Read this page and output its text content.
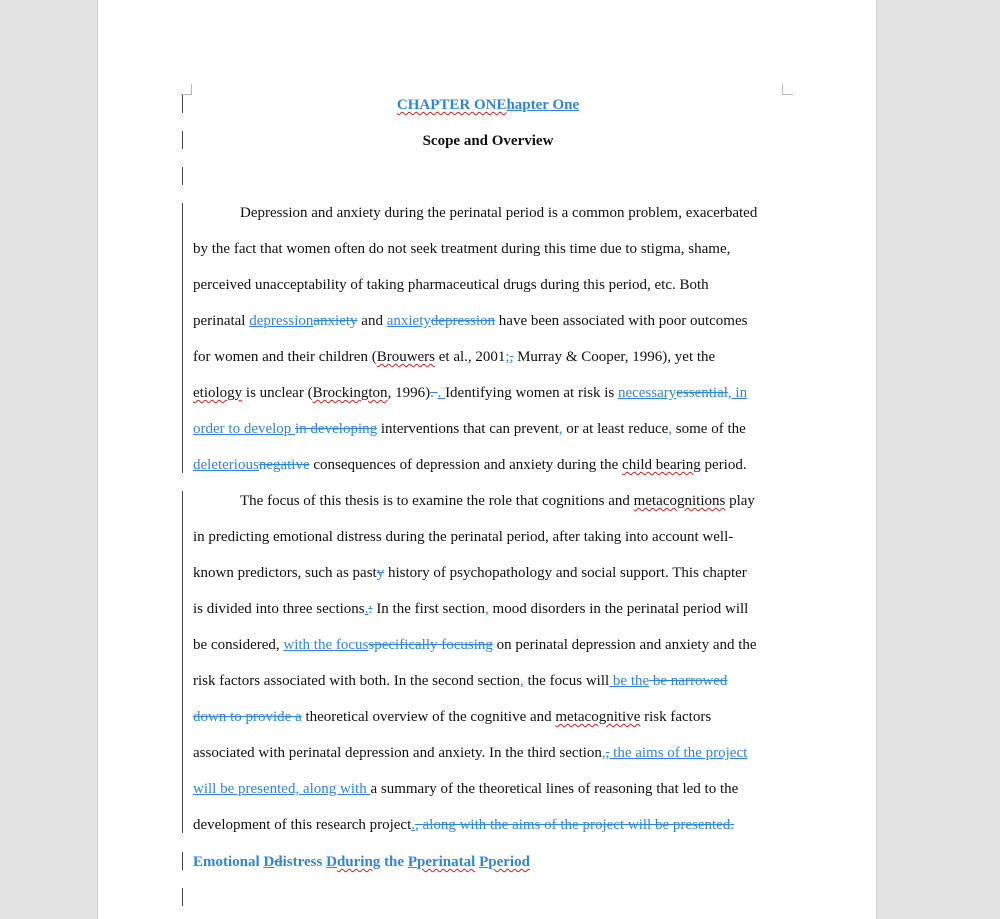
CHAPTER ONEhapter One
Scope and Overview
Depression and anxiety during the perinatal period is a common problem, exacerbated
by the fact that women often do not seek treatment during this time due to stigma, shame,
perceived unacceptability of taking pharmaceutical drugs during this period, etc. Both
perinatal depressionanxiety and anxietydepression have been associated with poor outcomes
for women and their children (Brouwers et al., 2001;, Murray & Cooper, 1996), yet the
etiology is unclear (Brockington, 1996). . Identifying women at risk is necessaryessential, in
order to develop in developing interventions that can prevent, or at least reduce, some of the
deleteriousnegative consequences of depression and anxiety during the child bearing period.
The focus of this thesis is to examine the role that cognitions and metacognitions play
in predicting emotional distress during the perinatal period, after taking into account well-
known predictors, such as pasty history of psychopathology and social support. This chapter
is divided into three sections.: In the first section, mood disorders in the perinatal period will
be considered, with the focusspecifically focusing on perinatal depression and anxiety and the
risk factors associated with both. In the second section, the focus will be the be narrowed
down to provide a theoretical overview of the cognitive and metacognitive risk factors
associated with perinatal depression and anxiety. In the third section,, the aims of the project
will be presented, along with a summary of the theoretical lines of reasoning that led to the
development of this research project., along with the aims of the project will be presented.
Emotional Ddistress Dduring the Pperinatal Pperiod
